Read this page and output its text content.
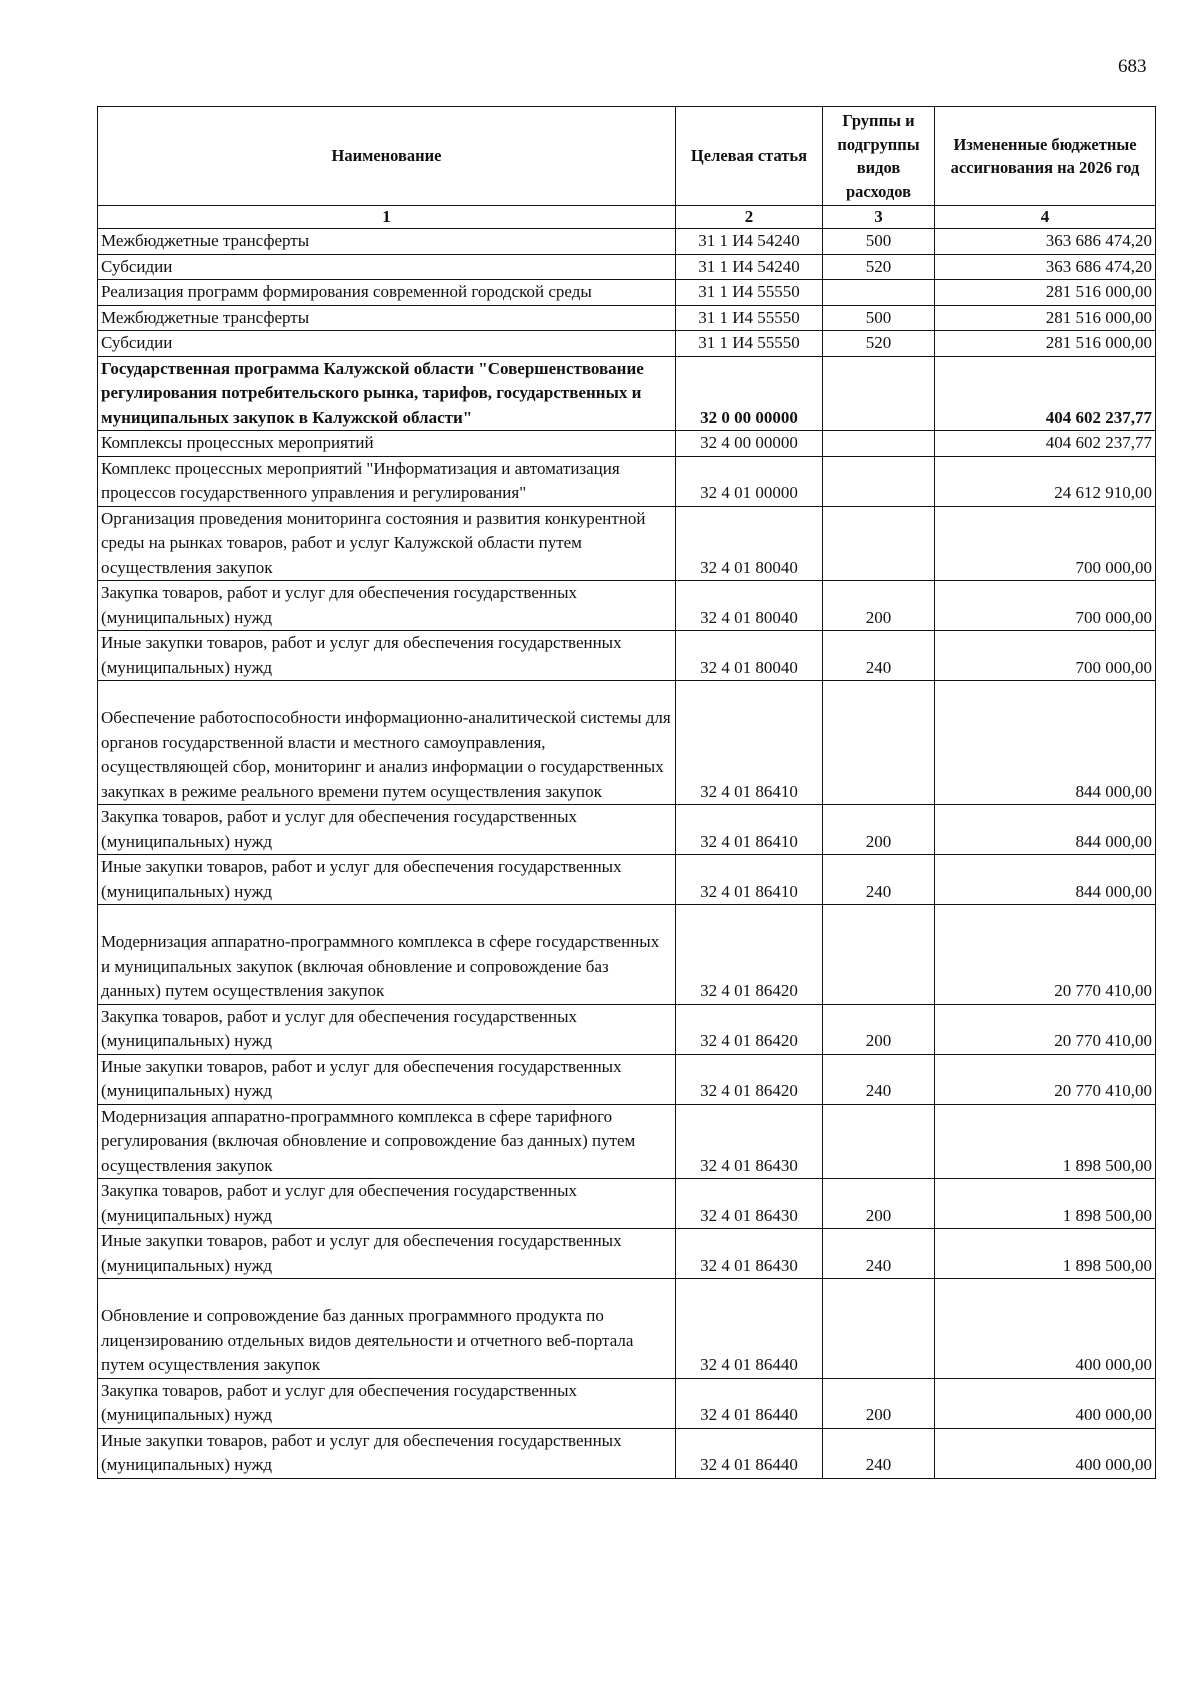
683
Наименование	Целевая статья	Группы и подгруппы видов расходов	Измененные бюджетные ассигнования на 2026 год
1	2	3	4
Межбюджетные трансферты	31 1 И4 54240	500	363 686 474,20
Субсидии	31 1 И4 54240	520	363 686 474,20
Реализация программ формирования современной городской среды	31 1 И4 55550		281 516 000,00
Межбюджетные трансферты	31 1 И4 55550	500	281 516 000,00
Субсидии	31 1 И4 55550	520	281 516 000,00
Государственная программа Калужской области "Совершенствование регулирования потребительского рынка, тарифов, государственных и муниципальных закупок в Калужской области"	32 0 00 00000		404 602 237,77
Комплексы процессных мероприятий	32 4 00 00000		404 602 237,77
Комплекс процессных мероприятий "Информатизация и автоматизация процессов государственного управления и регулирования"	32 4 01 00000		24 612 910,00
Организация проведения мониторинга состояния и развития конкурентной среды на рынках товаров, работ и услуг Калужской области путем осуществления закупок	32 4 01 80040		700 000,00
Закупка товаров, работ и услуг для обеспечения государственных (муниципальных) нужд	32 4 01 80040	200	700 000,00
Иные закупки товаров, работ и услуг для обеспечения государственных (муниципальных) нужд	32 4 01 80040	240	700 000,00
Обеспечение работоспособности информационно-аналитической системы для органов государственной власти и местного самоуправления, осуществляющей сбор, мониторинг и анализ информации о государственных закупках в режиме реального времени путем осуществления закупок	32 4 01 86410		844 000,00
Закупка товаров, работ и услуг для обеспечения государственных (муниципальных) нужд	32 4 01 86410	200	844 000,00
Иные закупки товаров, работ и услуг для обеспечения государственных (муниципальных) нужд	32 4 01 86410	240	844 000,00
Модернизация аппаратно-программного комплекса в сфере государственных и муниципальных закупок (включая обновление и сопровождение баз данных) путем осуществления закупок	32 4 01 86420		20 770 410,00
Закупка товаров, работ и услуг для обеспечения государственных (муниципальных) нужд	32 4 01 86420	200	20 770 410,00
Иные закупки товаров, работ и услуг для обеспечения государственных (муниципальных) нужд	32 4 01 86420	240	20 770 410,00
Модернизация аппаратно-программного комплекса в сфере тарифного регулирования (включая обновление и сопровождение баз данных) путем осуществления закупок	32 4 01 86430		1 898 500,00
Закупка товаров, работ и услуг для обеспечения государственных (муниципальных) нужд	32 4 01 86430	200	1 898 500,00
Иные закупки товаров, работ и услуг для обеспечения государственных (муниципальных) нужд	32 4 01 86430	240	1 898 500,00
Обновление и сопровождение баз данных программного продукта по лицензированию отдельных видов деятельности и отчетного веб-портала путем осуществления закупок	32 4 01 86440		400 000,00
Закупка товаров, работ и услуг для обеспечения государственных (муниципальных) нужд	32 4 01 86440	200	400 000,00
Иные закупки товаров, работ и услуг для обеспечения государственных (муниципальных) нужд	32 4 01 86440	240	400 000,00
